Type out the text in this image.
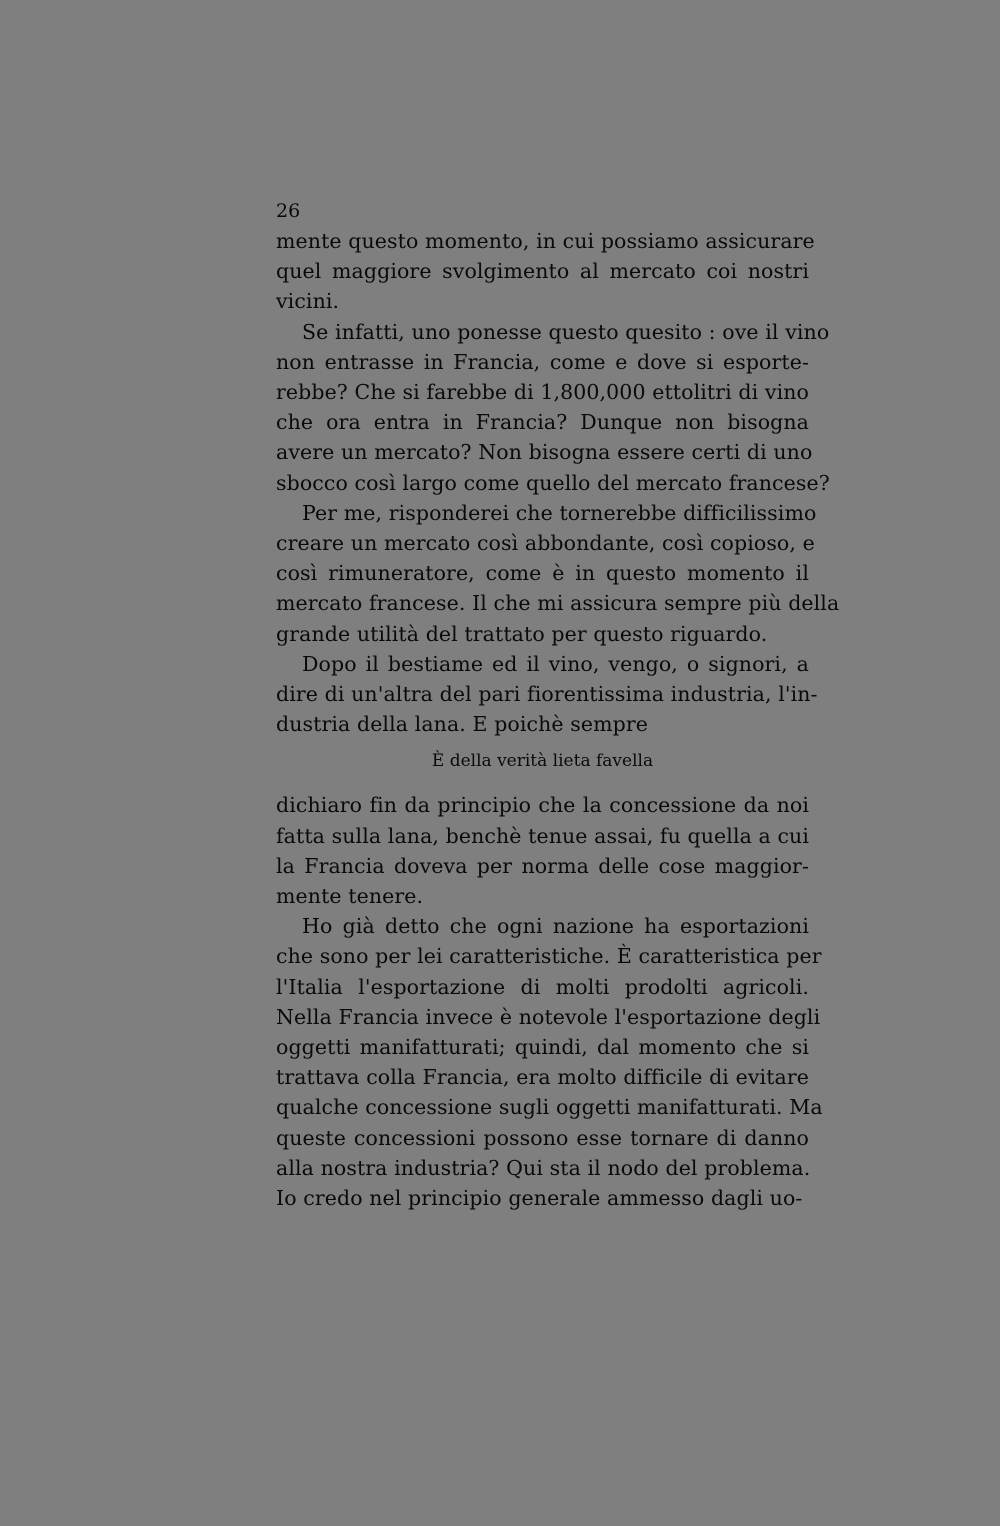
26
mente questo momento, in cui possiamo assicurare
quel maggiore svolgimento al mercato coi nostri
vicini.
Se infatti, uno ponesse questo quesito : ove il vino
non entrasse in Francia, come e dove si esporte-
rebbe? Che si farebbe di 1,800,000 ettolitri di vino
che ora entra in Francia? Dunque non bisogna
avere un mercato? Non bisogna essere certi di uno
sbocco così largo come quello del mercato francese?
Per me, risponderei che tornerebbe difficilissimo
creare un mercato così abbondante, così copioso, e
così rimuneratore, come è in questo momento il
mercato francese. Il che mi assicura sempre più della
grande utilità del trattato per questo riguardo.
Dopo il bestiame ed il vino, vengo, o signori, a
dire di un'altra del pari fiorentissima industria, l'in-
dustria della lana. E poichè sempre
È della verità lieta favella
dichiaro fin da principio che la concessione da noi
fatta sulla lana, benchè tenue assai, fu quella a cui
la Francia doveva per norma delle cose maggior-
mente tenere.
Ho già detto che ogni nazione ha esportazioni
che sono per lei caratteristiche. È caratteristica per
l'Italia l'esportazione di molti prodolti agricoli.
Nella Francia invece è notevole l'esportazione degli
oggetti manifatturati; quindi, dal momento che si
trattava colla Francia, era molto difficile di evitare
qualche concessione sugli oggetti manifatturati. Ma
queste concessioni possono esse tornare di danno
alla nostra industria? Qui sta il nodo del problema.
Io credo nel principio generale ammesso dagli uo-
